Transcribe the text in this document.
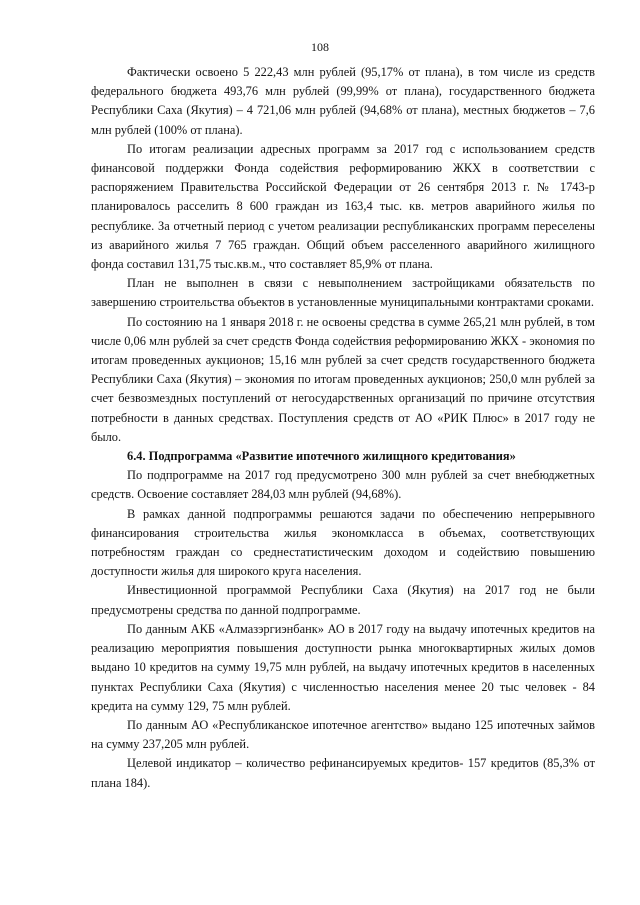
108

Фактически освоено 5 222,43 млн рублей (95,17% от плана), в том числе из средств федерального бюджета 493,76 млн рублей (99,99% от плана), государственного бюджета Республики Саха (Якутия) – 4 721,06 млн рублей (94,68% от плана), местных бюджетов – 7,6 млн рублей (100% от плана).

По итогам реализации адресных программ за 2017 год с использованием средств финансовой поддержки Фонда содействия реформированию ЖКХ в соответствии с распоряжением Правительства Российской Федерации от 26 сентября 2013 г. № 1743-р планировалось расселить 8 600 граждан из 163,4 тыс. кв. метров аварийного жилья по республике. За отчетный период с учетом реализации республиканских программ переселены из аварийного жилья 7 765 граждан. Общий объем расселенного аварийного жилищного фонда составил 131,75 тыс.кв.м., что составляет 85,9% от плана.

План не выполнен в связи с невыполнением застройщиками обязательств по завершению строительства объектов в установленные муниципальными контрактами сроками.

По состоянию на 1 января 2018 г. не освоены средства в сумме 265,21 млн рублей, в том числе 0,06 млн рублей за счет средств Фонда содействия реформированию ЖКХ - экономия по итогам проведенных аукционов; 15,16 млн рублей за счет средств государственного бюджета Республики Саха (Якутия) – экономия по итогам проведенных аукционов; 250,0 млн рублей за счет безвозмездных поступлений от негосударственных организаций по причине отсутствия потребности в данных средствах. Поступления средств от АО «РИК Плюс» в 2017 году не было.

6.4. Подпрограмма «Развитие ипотечного жилищного кредитования»

По подпрограмме на 2017 год предусмотрено 300 млн рублей за счет внебюджетных средств. Освоение составляет 284,03 млн рублей (94,68%).

В рамках данной подпрограммы решаются задачи по обеспечению непрерывного финансирования строительства жилья экономкласса в объемах, соответствующих потребностям граждан со среднестатистическим доходом и содействию повышению доступности жилья для широкого круга населения.

Инвестиционной программой Республики Саха (Якутия) на 2017 год не были предусмотрены средства по данной подпрограмме.

По данным АКБ «Алмазэргиэнбанк» АО в 2017 году на выдачу ипотечных кредитов на реализацию мероприятия повышения доступности рынка многоквартирных жилых домов выдано 10 кредитов на сумму 19,75 млн рублей, на выдачу ипотечных кредитов в населенных пунктах Республики Саха (Якутия) с численностью населения менее 20 тыс человек - 84 кредита на сумму 129, 75 млн рублей.

По данным АО «Республиканское ипотечное агентство» выдано 125 ипотечных займов на сумму 237,205 млн рублей.

Целевой индикатор – количество рефинансируемых кредитов- 157 кредитов (85,3% от плана 184).
